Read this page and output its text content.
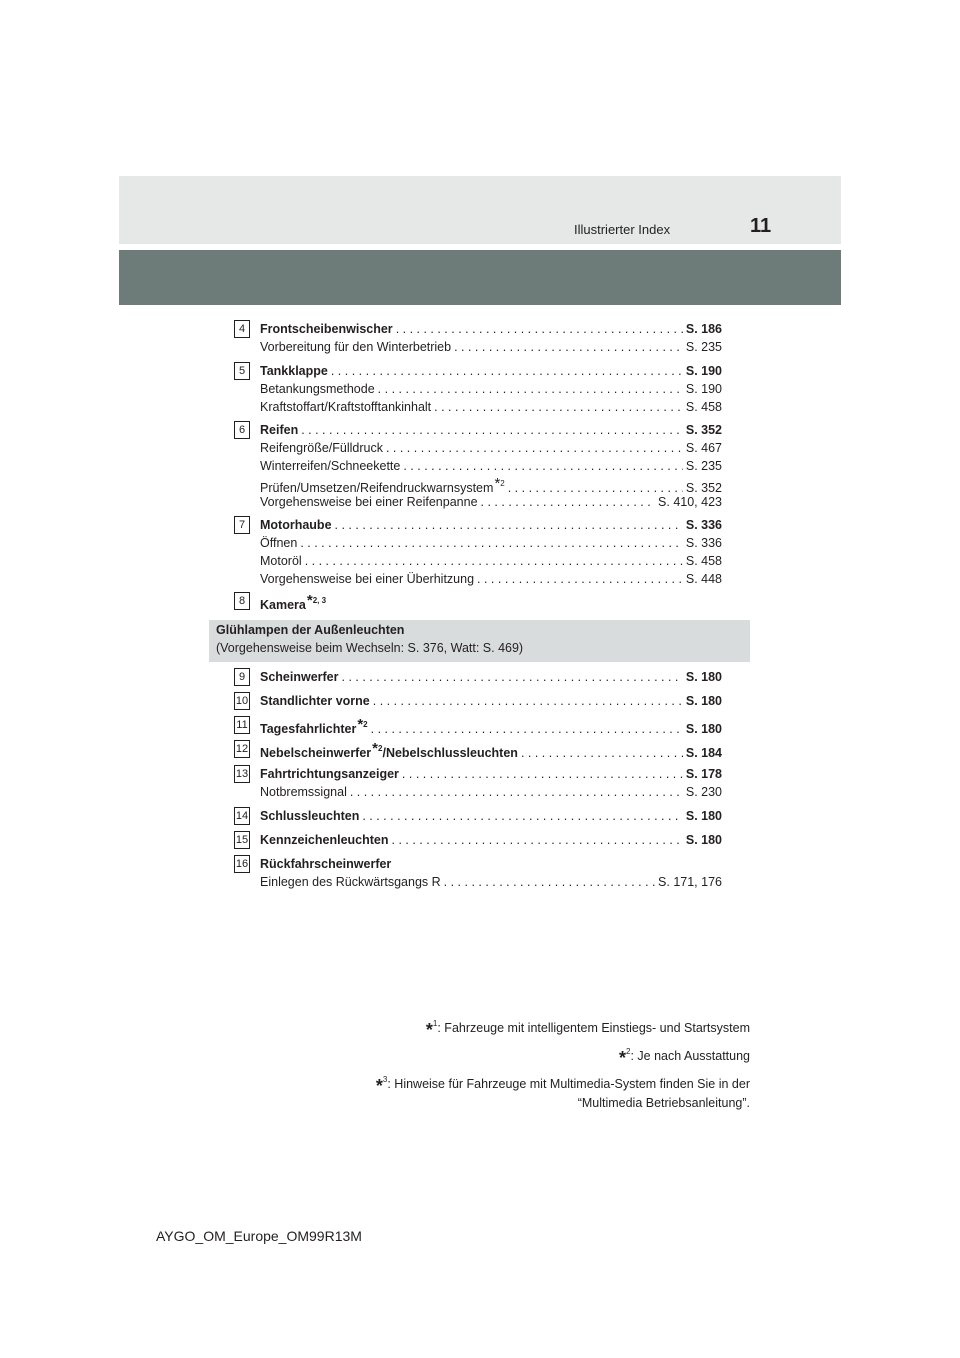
Illustrierter Index	11
4	Frontscheibenwischer . . .	S. 186
Vorbereitung für den Winterbetrieb . . .	S. 235
5	Tankklappe . . .	S. 190
Betankungsmethode . . .	S. 190
Kraftstoffart/Kraftstofftankinhalt . . .	S. 458
6	Reifen . . .	S. 352
Reifengröße/Fülldruck . . .	S. 467
Winterreifen/Schneekette . . .	S. 235
Prüfen/Umsetzen/Reifendruckwarnsystem$^{*2}$ . . .	S. 352
Vorgehensweise bei einer Reifenpanne . . .	S. 410, 423
7	Motorhaube . . .	S. 336
Öffnen . . .	S. 336
Motoröl . . .	S. 458
Vorgehensweise bei einer Überhitzung . . .	S. 448
8	Kamera$^{*2, 3}$
Glühlampen der Außenleuchten
(Vorgehensweise beim Wechseln: S. 376, Watt: S. 469)
9	Scheinwerfer . . .	S. 180
10 Standlichter vorne . . .	S. 180
11 Tagesfahrlichter$^{*2}$ . . .	S. 180
12 Nebelscheinwerfer$^{*2}$/Nebelschlussleuchten . . .	S. 184
13 Fahrtrichtungsanzeiger . . .	S. 178
Notbremssignal . . .	S. 230
14 Schlussleuchten . . .	S. 180
15 Kennzeichenleuchten . . .	S. 180
16 Rückfahrscheinwerfer
Einlegen des Rückwärtsgangs R . . .	S. 171, 176
*$^1$: Fahrzeuge mit intelligentem Einstiegs- und Startsystem
*$^2$: Je nach Ausstattung
*$^3$: Hinweise für Fahrzeuge mit Multimedia-System finden Sie in der
“Multimedia Betriebsanleitung”.
AYGO_OM_Europe_OM99R13M
